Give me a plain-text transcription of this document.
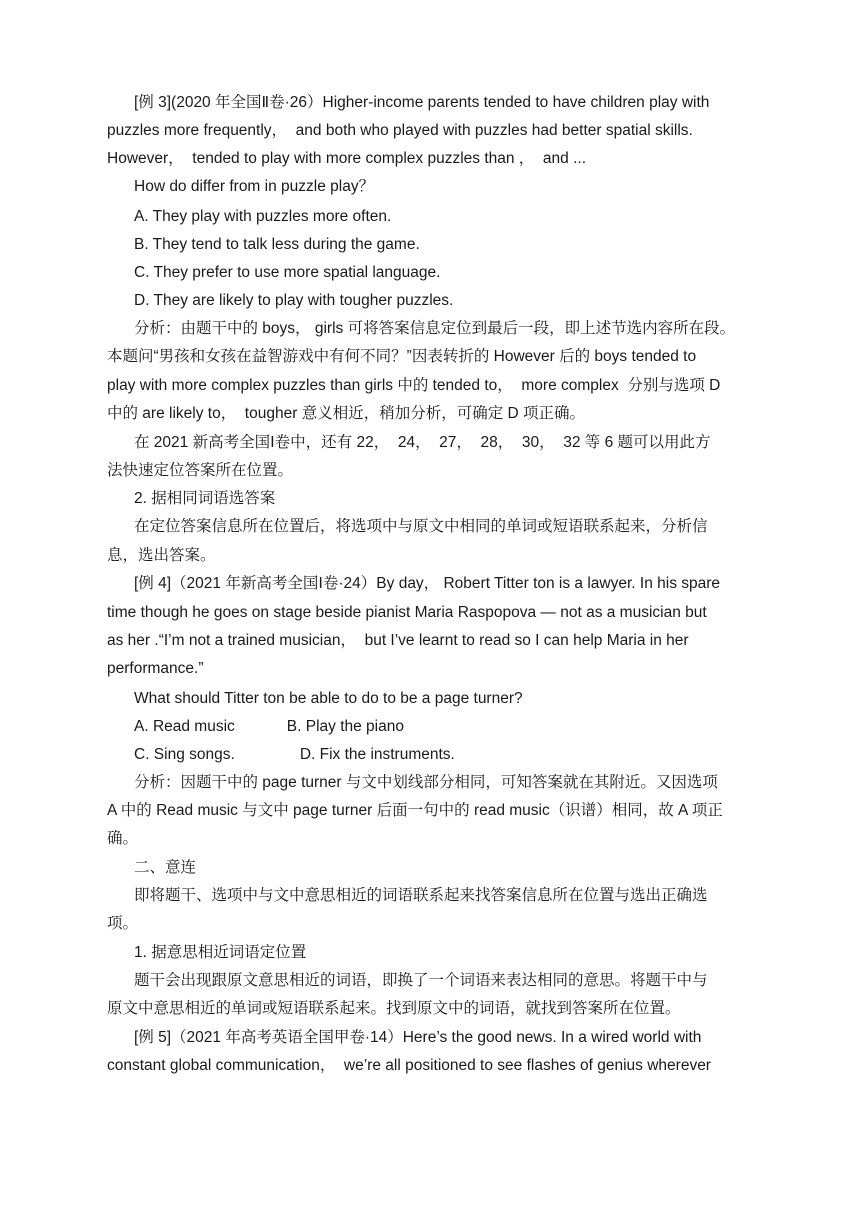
[例 3](2020 年全国Ⅱ卷·26）Higher-income parents tended to have children play with
puzzles more frequently，  and both who played with puzzles had better spatial skills.
However，  tended to play with more complex puzzles than ，  and ...
How do differ from in puzzle play？
A. They play with puzzles more often.
B. They tend to talk less during the game.
C. They prefer to use more spatial language.
D. They are likely to play with tougher puzzles.
分析：由题干中的 boys， girls 可将答案信息定位到最后一段，即上述节选内容所在段。
本题问“男孩和女孩在益智游戏中有何不同？”因表转折的 However 后的 boys tended to
play with more complex puzzles than girls 中的 tended to，  more complex  分别与选项 D
中的 are likely to，  tougher 意义相近，稍加分析，可确定 D 项正确。
在 2021 新高考全国Ⅰ卷中，还有 22，  24，  27，  28，  30，  32 等 6 题可以用此方
法快速定位答案所在位置。
2. 据相同词语选答案
在定位答案信息所在位置后，将选项中与原文中相同的单词或短语联系起来，分析信
息，选出答案。
[例 4]（2021 年新高考全国Ⅰ卷·24）By day， Robert Titter ton is a lawyer. In his spare
time though he goes on stage beside pianist Maria Raspopova — not as a musician but
as her .“I’m not a trained musician，  but I’ve learnt to read so I can help Maria in her
performance.”
What should Titter ton be able to do to be a page turner?
A. Read music	B. Play the piano
C. Sing songs.	D. Fix the instruments.
分析：因题干中的 page turner 与文中划线部分相同，可知答案就在其附近。又因选项
A 中的 Read music 与文中 page turner 后面一句中的 read music（识谱）相同，故 A 项正
确。
二、意连
即将题干、选项中与文中意思相近的词语联系起来找答案信息所在位置与选出正确选
项。
1. 据意思相近词语定位置
题干会出现跟原文意思相近的词语，即换了一个词语来表达相同的意思。将题干中与
原文中意思相近的单词或短语联系起来。找到原文中的词语，就找到答案所在位置。
[例 5]（2021 年高考英语全国甲卷·14）Here’s the good news. In a wired world with
constant global communication，  we’re all positioned to see flashes of genius wherever
